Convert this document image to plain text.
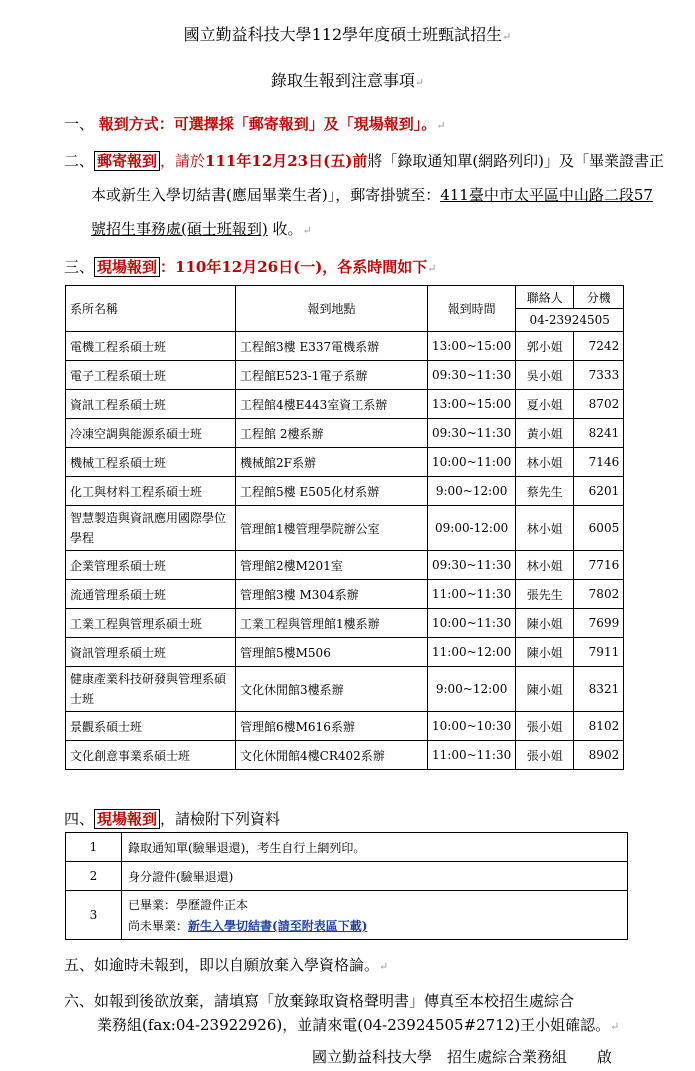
國立勤益科技大學112學年度碩士班甄試招生↵
錄取生報到注意事項↵
一、 報到方式：可選擇採「郵寄報到」及「現場報到」。↵
二、 郵寄報到 ，請於111年12月23日(五)前將「錄取通知單(網路列印)」及「畢業證書正
本或新生入學切結書(應屆畢業生者)」，郵寄掛號至：411臺中市太平區中山路二段57
號招生事務處(碩士班報到) 收。↵
三、 現場報到 ：110年12月26日(一)，各系時間如下↵
系所名稱	報到地點	報到時間	聯絡人	分機
			04-23924505	
電機工程系碩士班	工程館3樓 E337電機系辦	13:00~15:00	郭小姐	7242
電子工程系碩士班	工程館E523-1電子系辦	09:30~11:30	吳小姐	7333
資訊工程系碩士班	工程館4樓E443室資工系辦	13:00~15:00	夏小姐	8702
冷凍空調與能源系碩士班	工程館 2樓系辦	09:30~11:30	黃小姐	8241
機械工程系碩士班	機械館2F系辦	10:00~11:00	林小姐	7146
化工與材料工程系碩士班	工程館5樓 E505化材系辦	9:00~12:00	蔡先生	6201
智慧製造與資訊應用國際學位學程	管理館1樓管理學院辦公室	09:00-12:00	林小姐	6005
企業管理系碩士班	管理館2樓M201室	09:30~11:30	林小姐	7716
流通管理系碩士班	管理館3樓 M304系辦	11:00~11:30	張先生	7802
工業工程與管理系碩士班	工業工程與管理館1樓系辦	10:00~11:30	陳小姐	7699
資訊管理系碩士班	管理館5樓M506	11:00~12:00	陳小姐	7911
健康產業科技研發與管理系碩士班	文化休閒館3樓系辦	9:00~12:00	陳小姐	8321
景觀系碩士班	管理館6樓M616系辦	10:00~10:30	張小姐	8102
文化創意事業系碩士班	文化休閒館4樓CR402系辦	11:00~11:30	張小姐	8902
四、 現場報到 ，請檢附下列資料
1	錄取通知單(驗畢退還)，考生自行上網列印。
2	身分證件(驗畢退還)
3	已畢業：學歷證件正本
尚未畢業：新生入學切結書(請至附表區下載)
五、如逾時未報到，即以自願放棄入學資格論。↵
六、如報到後欲放棄，請填寫「放棄錄取資格聲明書」傳真至本校招生處綜合
業務組(fax:04-23922926)，並請來電(04-23924505#2712)王小姐確認。↵
國立勤益科技大學　招生處綜合業務組　　啟
